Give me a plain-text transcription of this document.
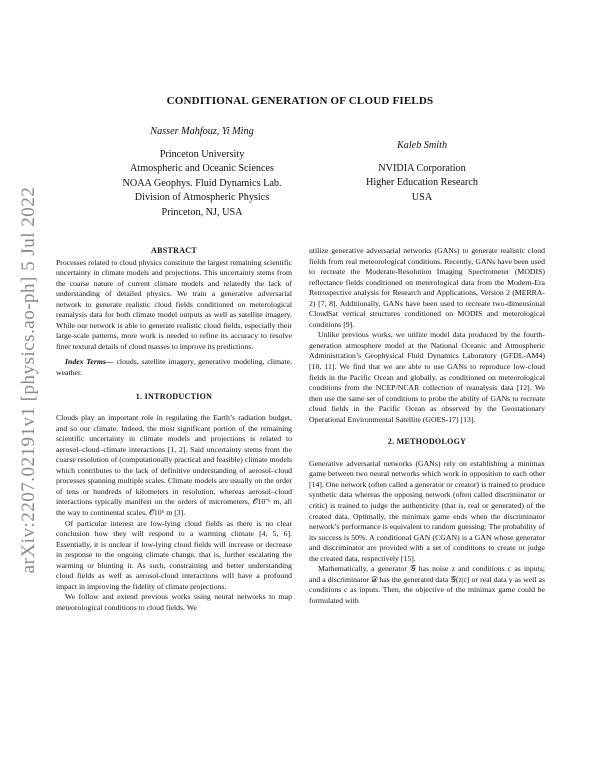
arXiv:2207.02191v1 [physics.ao-ph] 5 Jul 2022
CONDITIONAL GENERATION OF CLOUD FIELDS
Nasser Mahfouz, Yi Ming
Princeton University
Atmospheric and Oceanic Sciences
NOAA Geophys. Fluid Dynamics Lab.
Division of Atmospheric Physics
Princeton, NJ, USA
Kaleb Smith
NVIDIA Corporation
Higher Education Research
USA
ABSTRACT

Processes related to cloud physics constitute the largest remaining scientific uncertainty in climate models and projections. This uncertainty stems from the coarse nature of current climate models and relatedly the lack of understanding of detailed physics. We train a generative adversarial network to generate realistic cloud fields conditioned on meterological reanalysis data for both climate model outputs as well as satellite imagery. While our network is able to generate realistic cloud fields, especially their large-scale patterns, more work is needed to refine its accuracy to resolve finer textural details of cloud masses to improve its predictions.

Index Terms— clouds, satellite imagery, generative modeling, climate, weather.

1. INTRODUCTION

Clouds play an important role in regulating the Earth’s radiation budget, and so our climate. Indeed, the most significant portion of the remaining scientific uncertainty in climate models and projections is related to aerosol–cloud–climate interactions [1, 2]. Said uncertainty stems from the coarse resolution of (computationally practical and feasible) climate models which contributes to the lack of definitive understanding of aerosol–cloud processes spanning multiple scales. Climate models are usually on the order of tens or hundreds of kilometers in resolution, whereas aerosol–cloud interactions typically manifest on the orders of micrometers, 𝒪10⁻⁶ m, all the way to continental scales, 𝒪10⁶ m [3].

Of particular interest are low-lying cloud fields as there is no clear conclusion how they will respond to a warming climate [4, 5, 6]. Essentially, it is unclear if low-lying cloud fields will increase or decrease in response to the ongoing climate change, that is, further escalating the warming or blunting it. As such, constraining and better understanding cloud fields as well as aerosol-cloud interactions will have a profound impact in improving the fidelity of climate projections.

We follow and extend previous works using neural networks to map meteorological conditions to cloud fields. We

utilize generative adversarial networks (GANs) to generate realistic cloud fields from real meteorological conditions. Recently, GANs have been used to recreate the Moderate-Resolution Imaging Spectrometer (MODIS) reflectance fields conditioned on meterological data from the Modern-Era Retrospective analysis for Research and Applications, Version 2 (MERRA-2) [7, 8]. Additionally, GANs have been used to recreate two-dimensional CloudSat vertical structures conditioned on MODIS and meterological conditions [9].

Unlike previous works, we utilize model data produced by the fourth-generation atmosphere model at the National Oceanic and Atmospheric Administration’s Geophysical Fluid Dynamics Laboratory (GFDL-AM4) [10, 11]. We find that we are able to use GANs to reproduce low-cloud fields in the Pacific Ocean and globally, as conditioned on meteorological conditions from the NCEP/NCAR collection of reanalysis data [12]. We then use the same set of conditions to probe the ability of GANs to recreate cloud fields in the Pacific Ocean as observed by the Geostationary Operational Environmental Satellite (GOES-17) [13].

2. METHODOLOGY

Generative adversarial networks (GANs) rely on establishing a minimax game between two neural networks which work in opposition to each other [14]. One network (often called a generator or creator) is trained to produce synthetic data whereas the opposing network (often called discriminator or critic) is trained to judge the authenticity (that is, real or generated) of the created data. Optimally, the minimax game ends when the discriminator network’s performance is equivalent to random guessing: The probability of its success is 50%. A conditional GAN (CGAN) is a GAN whose generator and discriminator are provided with a set of conditions to create or judge the created data, respectively [15].

Mathematically, a generator 𝒢 has noise z and conditions c as inputs; and a discriminator 𝒟 has the generated data 𝒢(z|c) or real data y as well as conditions c as inputs. Then, the objective of the minimax game could be formulated with
